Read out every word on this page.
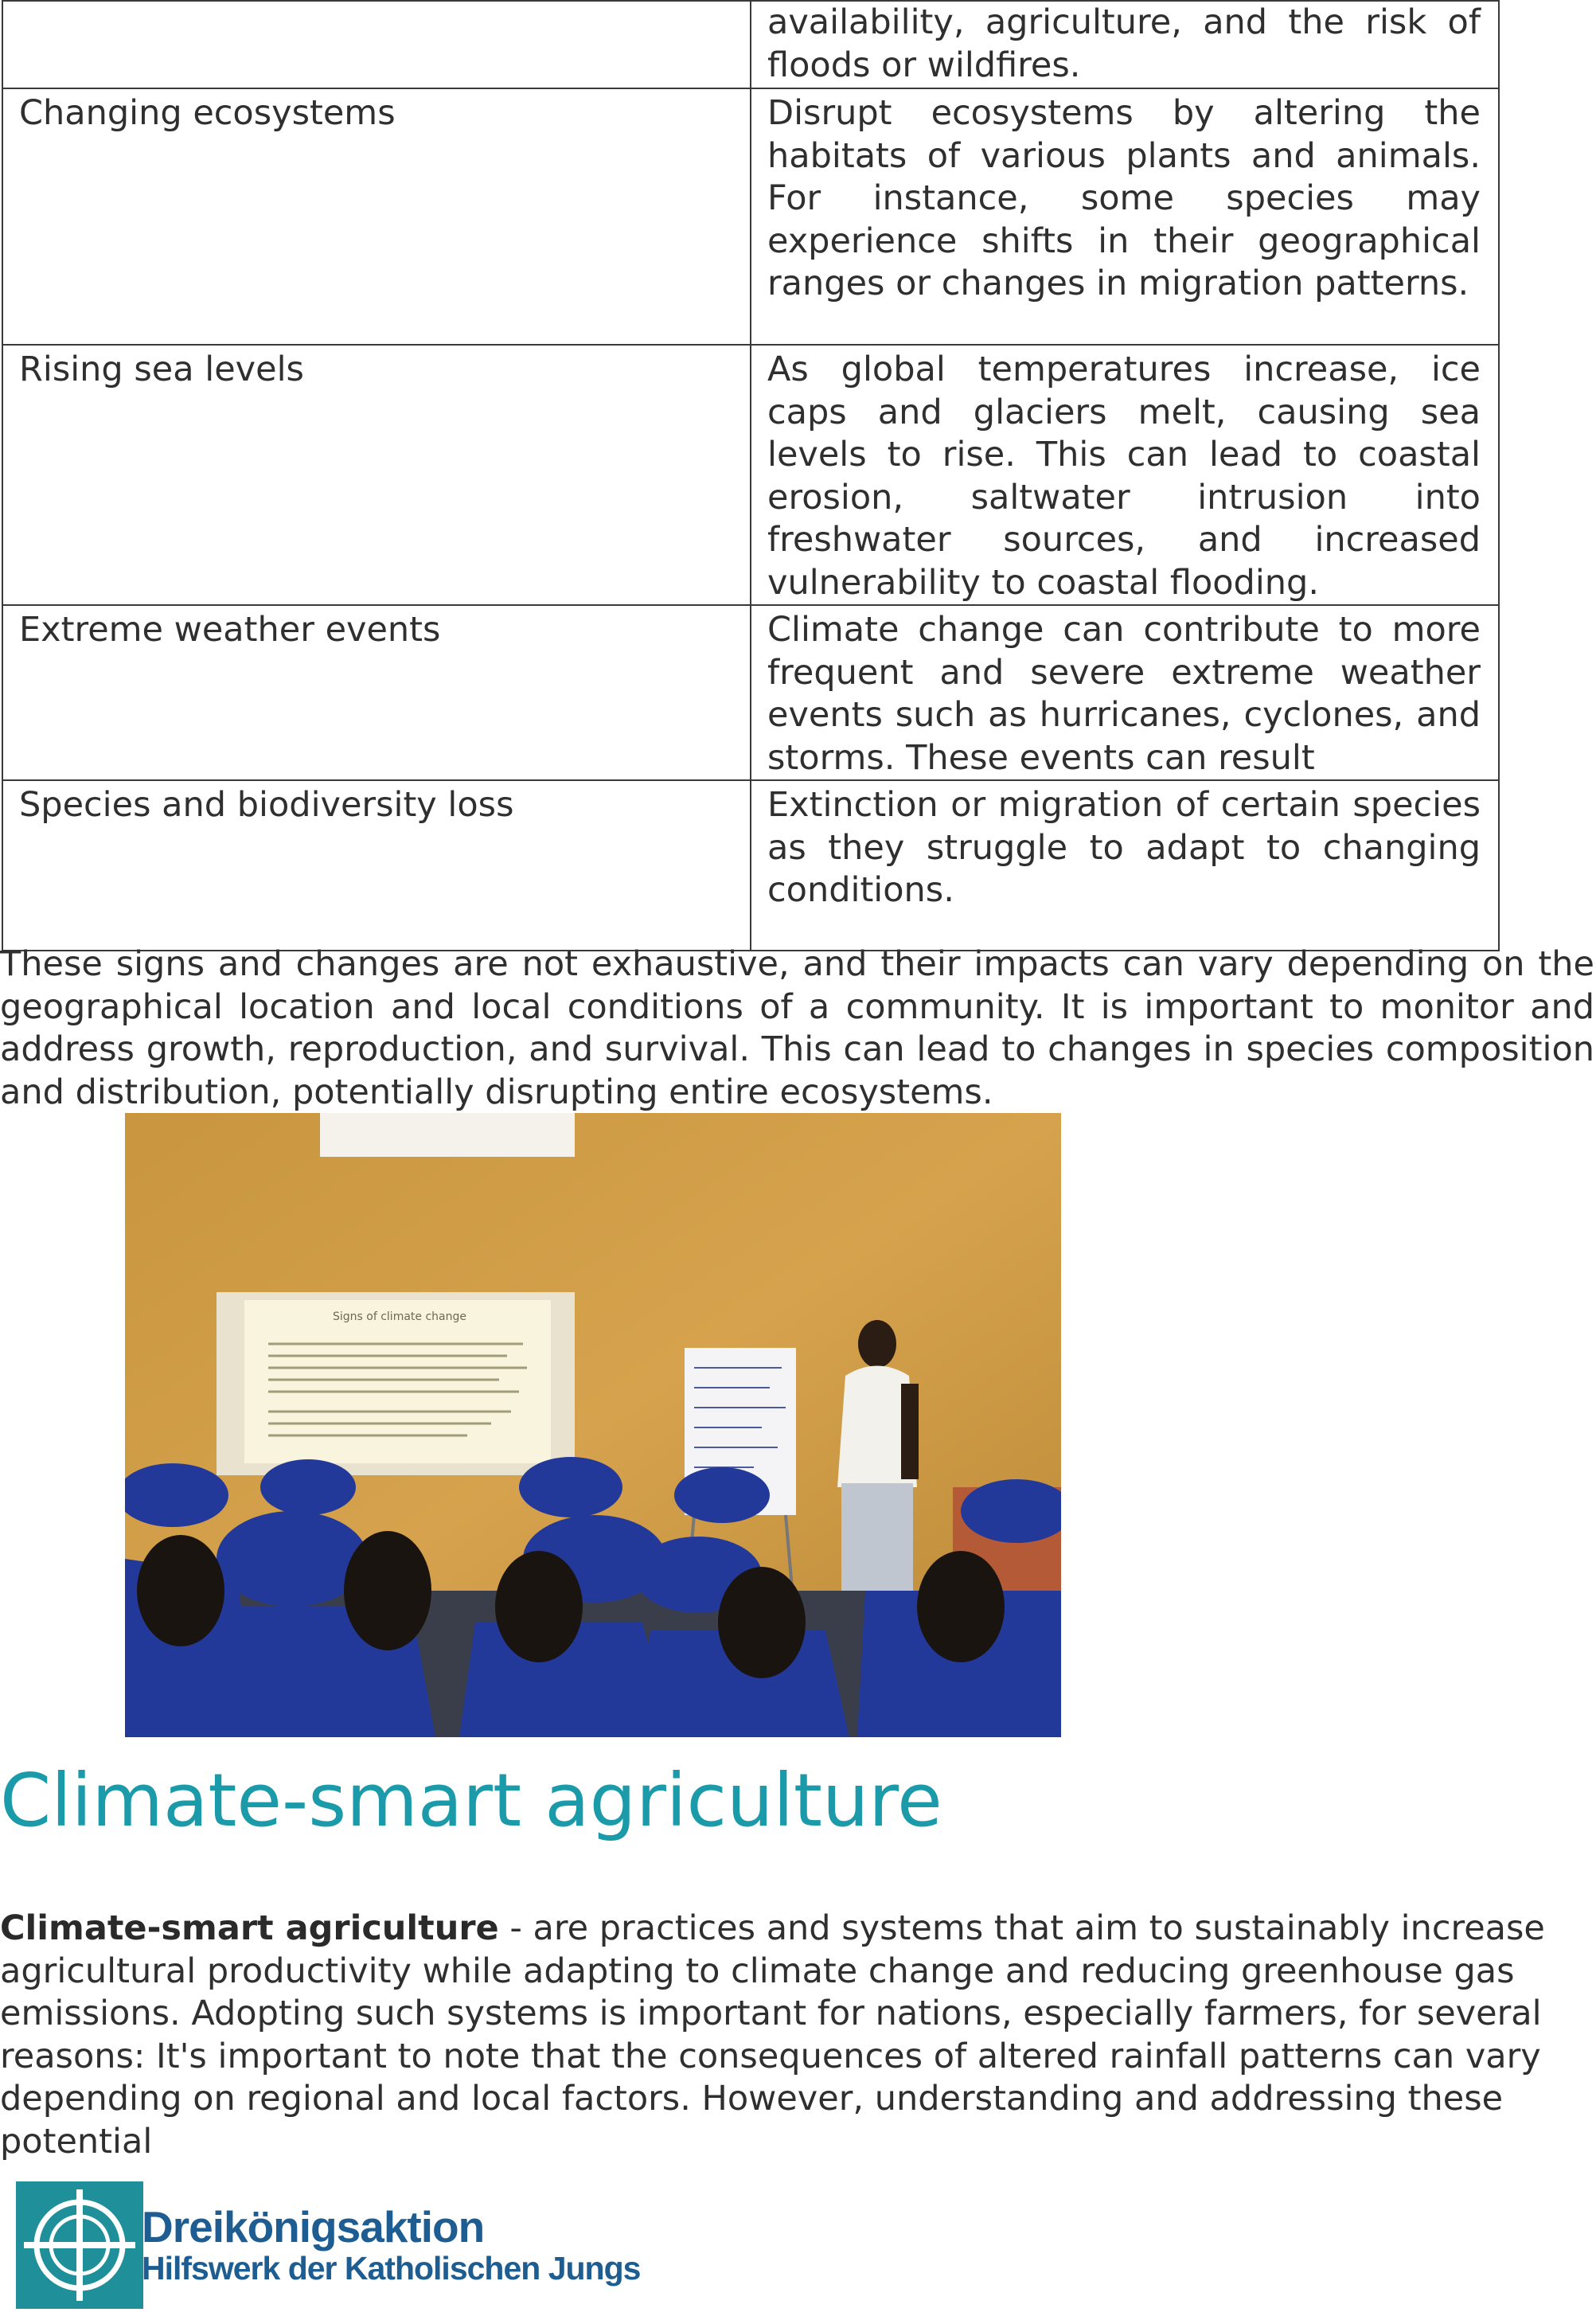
	availability, agriculture, and the risk of floods or wildfires.
Changing ecosystems	Disrupt ecosystems by altering the habitats of various plants and animals. For instance, some species may experience shifts in their geographical ranges or changes in migration patterns.
Rising sea levels	As global temperatures increase, ice caps and glaciers melt, causing sea levels to rise. This can lead to coastal erosion, saltwater intrusion into freshwater sources, and increased vulnerability to coastal flooding.
Extreme weather events	Climate change can contribute to more frequent and severe extreme weather events such as hurricanes, cyclones, and storms. These events can result
Species and biodiversity loss	Extinction or migration of certain species as they struggle to adapt to changing conditions.

These signs and changes are not exhaustive, and their impacts can vary depending on the geographical location and local conditions of a community. It is important to monitor and address growth, reproduction, and survival. This can lead to changes in species composition and distribution, potentially disrupting entire ecosystems.

Signs of climate change
Climate-smart agriculture

Climate-smart agriculture - are practices and systems that aim to sustainably increase agricultural productivity while adapting to climate change and reducing greenhouse gas emissions. Adopting such systems is important for nations, especially farmers, for several reasons: It's important to note that the consequences of altered rainfall patterns can vary depending on regional and local factors. However, understanding and addressing these potential

Dreikönigsaktion
Hilfswerk der Katholischen Jungs
